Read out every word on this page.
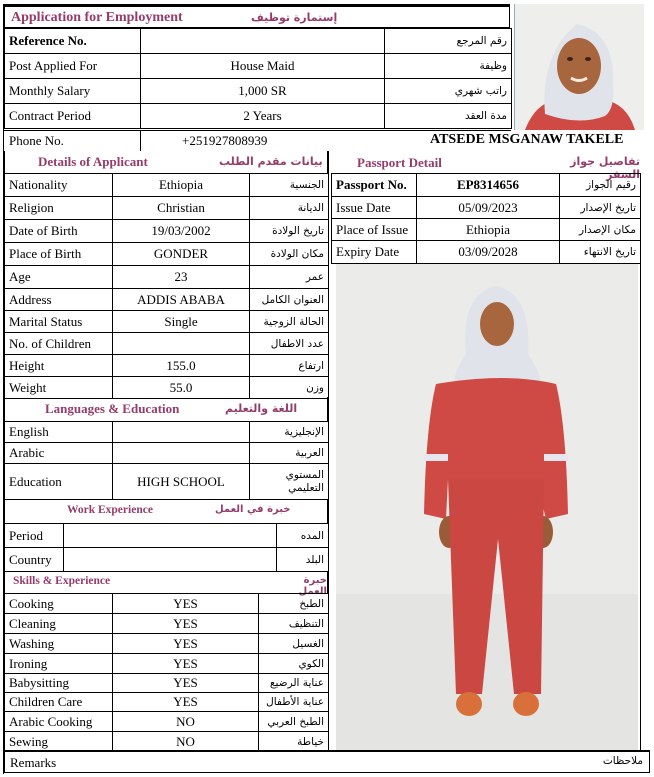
Application for Employment	إستمارة توظيف
Reference No.		رقم المرجع
Post Applied For	House Maid	وظيفة
Monthly Salary	1,000 SR	راتب شهري
Contract Period	2 Years	مدة العقد
Phone No.	+251927808939	ATSEDE MSGANAW TAKELE
Details of Applicant	بيانات مقدم الطلب
Nationality	Ethiopia	الجنسية
Religion	Christian	الديانة
Date of Birth	19/03/2002	تاريخ الولادة
Place of Birth	GONDER	مكان الولادة
Age	23	عمر
Address	ADDIS ABABA	العنوان الكامل
Marital Status	Single	الحالة الزوجية
No. of Children		عدد الاطفال
Height	155.0	ارتفاع
Weight	55.0	وزن
Languages & Education	اللغة والتعليم
English		الإنجليزية
Arabic		العربية
Education	HIGH SCHOOL	المستوي التعليمي
Work Experience	خبرة في العمل
Period		المده
Country		البلد
Skills & Experience	خبرة العمل
Cooking	YES	الطبخ
Cleaning	YES	التنظيف
Washing	YES	الغسيل
Ironing	YES	الكوي
Babysitting	YES	عناية الرضيع
Children Care	YES	عناية الأطفال
Arabic Cooking	NO	الطبخ العربي
Sewing	NO	خياطة
Passport Detail	تفاصيل جواز السفر
Passport No.	EP8314656	رقيم الجواز
Issue Date	05/09/2023	تاريخ الإصدار
Place of Issue	Ethiopia	مكان الإصدار
Expiry Date	03/09/2028	تاريخ الانتهاء
Remarks	ملاحظات
